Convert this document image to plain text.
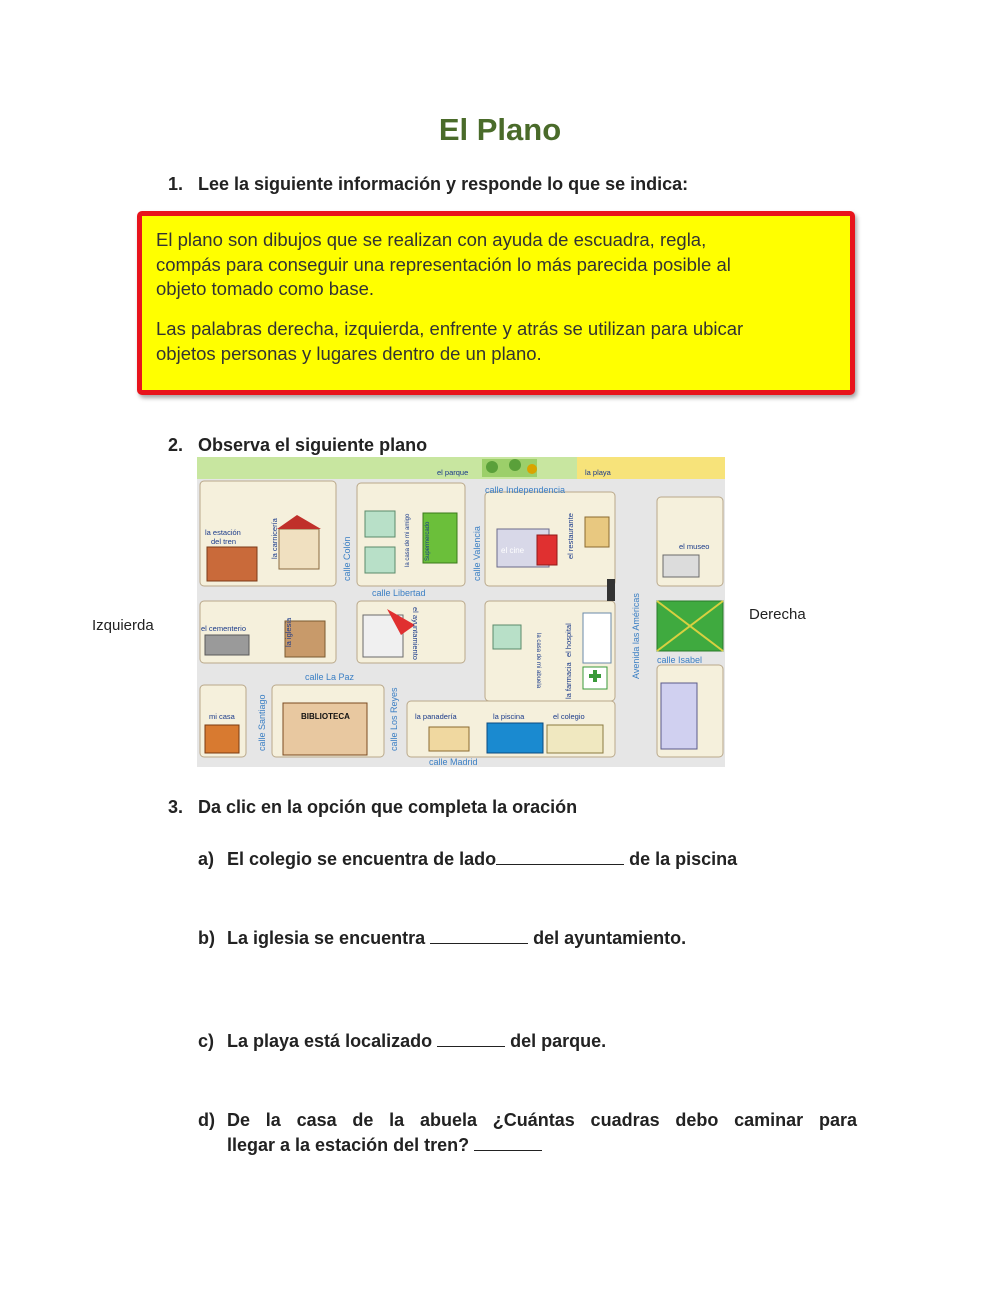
El Plano
1. Lee la siguiente información y responde lo que se indica:

El plano son dibujos que se realizan con ayuda de escuadra, regla,
compás para conseguir una representación lo más parecida posible al
objeto tomado como base.

Las palabras derecha, izquierda, enfrente y atrás se utilizan para ubicar
objetos personas y lugares dentro de un plano.

2. Observa el siguiente plano
Izquierda
Derecha
calle Independencia
calle Libertad
calle La Paz
calle Madrid
calle Colón	calle Valencia
calle Santiago	calle Los Reyes
Avenida las Américas calle Isabel
el parque	la playa
la estación
del tren	la carnicería	la casa de mi amigo Supermercado	el cine	el restaurante	el museo
el cementerio	la iglesia	el ayuntamiento	la casa de mi abuela	el hospital
la farmacia
mi casa	BIBLIOTECA	la panadería	la piscina	el colegio
3. Da clic en la opción que completa la oración
a) El colegio se encuentra de lado	de la piscina
b) La iglesia se encuentra	del ayuntamiento.
c) La playa está localizado	del parque.
d) De la casa de la abuela ¿Cuántas cuadras debo caminar para
llegar a la estación del tren?
